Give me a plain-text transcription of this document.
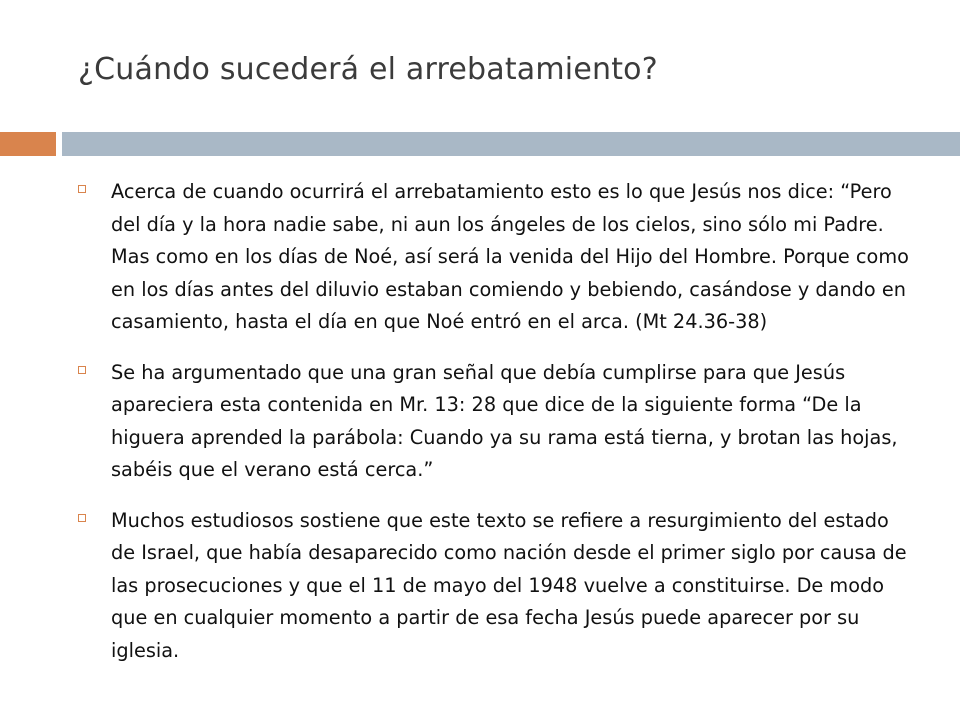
¿Cuándo sucederá el arrebatamiento?

Acerca de cuando ocurrirá el arrebatamiento esto es lo que Jesús nos dice: “Pero del día y la hora nadie sabe, ni aun los ángeles de los cielos, sino sólo mi Padre. Mas como en los días de Noé, así será la venida del Hijo del Hombre. Porque como en los días antes del diluvio estaban comiendo y bebiendo, casándose y dando en casamiento, hasta el día en que Noé entró en el arca. (Mt 24.36-38)

Se ha argumentado que una gran señal que debía cumplirse para que Jesús apareciera esta contenida en Mr. 13: 28 que dice de la siguiente forma “De la higuera aprended la parábola: Cuando ya su rama está tierna, y brotan las hojas, sabéis que el verano está cerca.”

Muchos estudiosos sostiene que este texto se refiere a resurgimiento del estado de Israel, que había desaparecido como nación desde el primer siglo por causa de las prosecuciones y que el 11 de mayo del 1948 vuelve a constituirse. De modo que en cualquier momento a partir de esa fecha Jesús puede aparecer por su iglesia.
